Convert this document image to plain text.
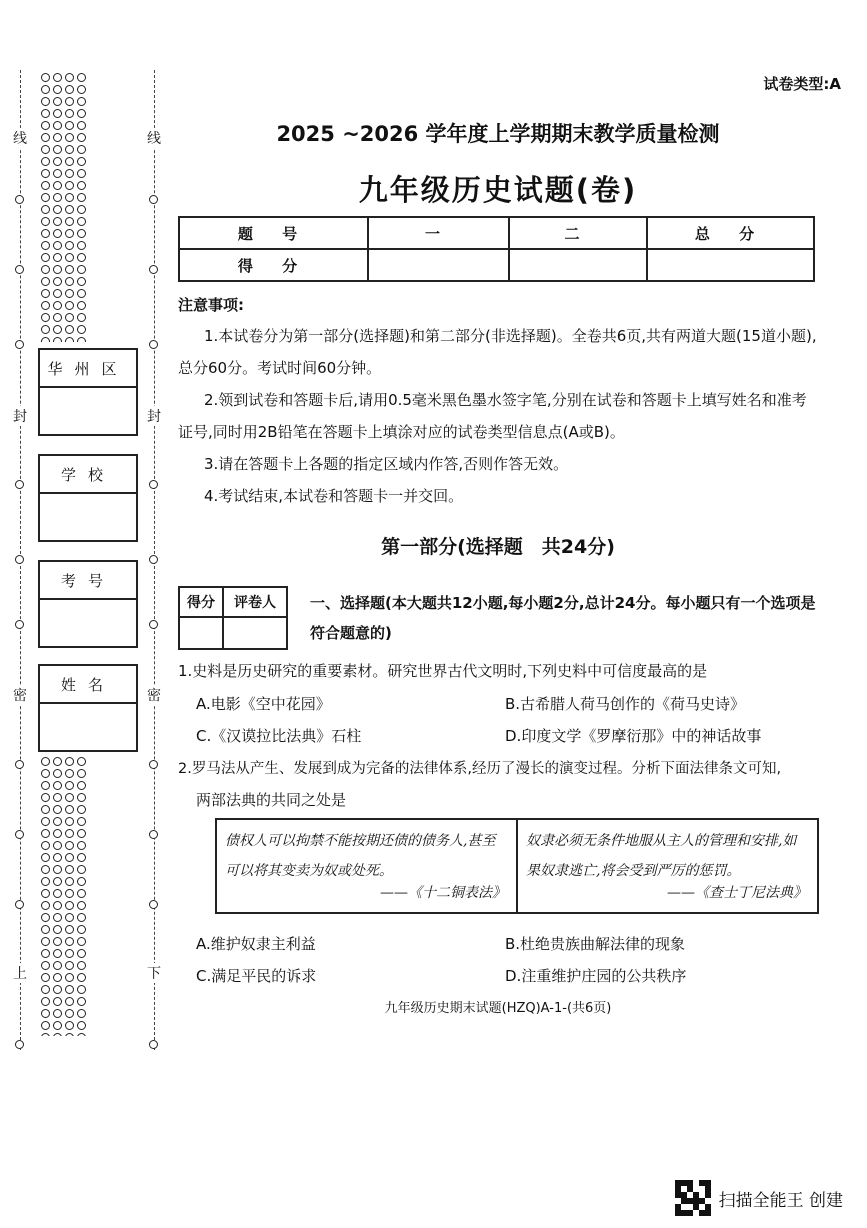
线
封
密
上
线
封
密
下
华州区
学校
考号
姓名
试卷类型:A
2025 ~2026 学年度上学期期末教学质量检测
九年级历史试题(卷)
题 号	一	二	总 分
得 分			
注意事项:
1.本试卷分为第一部分(选择题)和第二部分(非选择题)。全卷共6页,共有两道大题(15道小题),总分60分。考试时间60分钟。
2.领到试卷和答题卡后,请用0.5毫米黑色墨水签字笔,分别在试卷和答题卡上填写姓名和准考证号,同时用2B铅笔在答题卡上填涂对应的试卷类型信息点(A或B)。
3.请在答题卡上各题的指定区域内作答,否则作答无效。
4.考试结束,本试卷和答题卡一并交回。
第一部分(选择题　共24分)
得分	评卷人
	一、选择题(本大题共12小题,每小题2分,总计24分。每小题只有一个选项是符合题意的)
1.史料是历史研究的重要素材。研究世界古代文明时,下列史料中可信度最高的是
A.电影《空中花园》	B.古希腊人荷马创作的《荷马史诗》
C.《汉谟拉比法典》石柱	D.印度文学《罗摩衍那》中的神话故事
2.罗马法从产生、发展到成为完备的法律体系,经历了漫长的演变过程。分析下面法律条文可知,
两部法典的共同之处是
债权人可以拘禁不能按期还债的债务人,甚至可以将其变卖为奴或处死。
——《十二铜表法》
奴隶必须无条件地服从主人的管理和安排,如果奴隶逃亡,将会受到严厉的惩罚。
——《查士丁尼法典》
A.维护奴隶主利益	B.杜绝贵族曲解法律的现象
C.满足平民的诉求	D.注重维护庄园的公共秩序
九年级历史期末试题(HZQ)A-1-(共6页)
扫描全能王 创建
